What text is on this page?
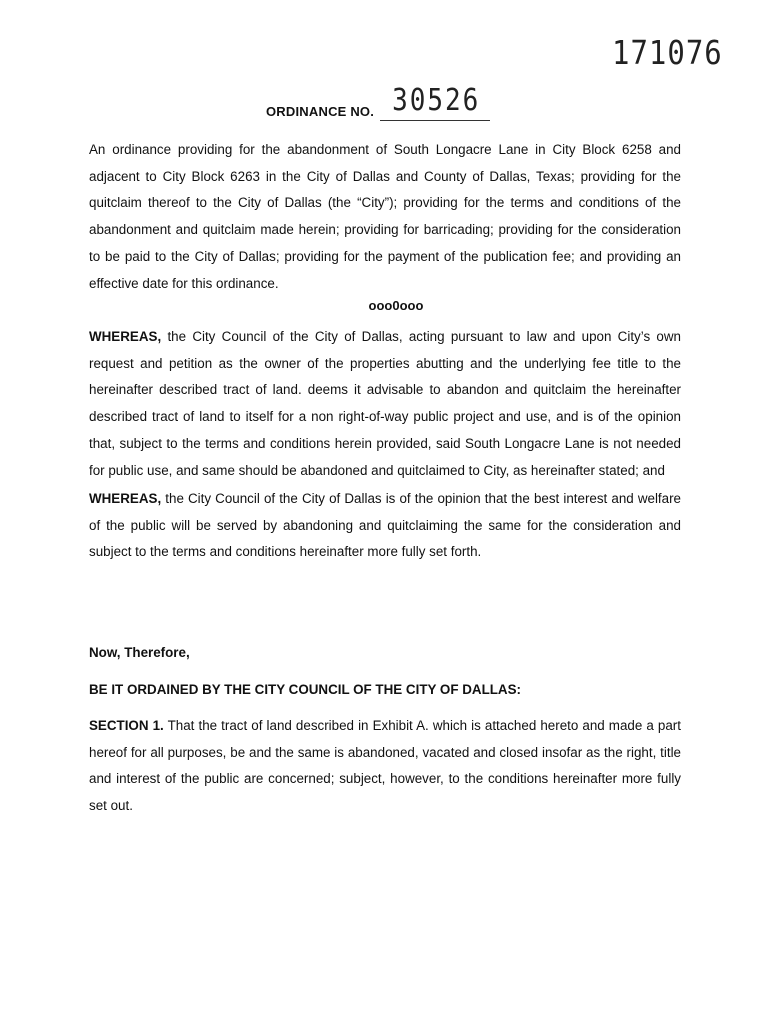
171076
ORDINANCE NO. 30526

An ordinance providing for the abandonment of South Longacre Lane in City Block 6258 and adjacent to City Block 6263 in the City of Dallas and County of Dallas, Texas; providing for the quitclaim thereof to the City of Dallas (the “City”); providing for the terms and conditions of the abandonment and quitclaim made herein; providing for barricading; providing for the consideration to be paid to the City of Dallas; providing for the payment of the publication fee; and providing an effective date for this ordinance.

ooo0ooo

WHEREAS, the City Council of the City of Dallas, acting pursuant to law and upon City’s own request and petition as the owner of the properties abutting and the underlying fee title to the hereinafter described tract of land. deems it advisable to abandon and quitclaim the hereinafter described tract of land to itself for a non right-of-way public project and use, and is of the opinion that, subject to the terms and conditions herein provided, said South Longacre Lane is not needed for public use, and same should be abandoned and quitclaimed to City, as hereinafter stated; and

WHEREAS, the City Council of the City of Dallas is of the opinion that the best interest and welfare of the public will be served by abandoning and quitclaiming the same for the consideration and subject to the terms and conditions hereinafter more fully set forth.

Now, Therefore,

BE IT ORDAINED BY THE CITY COUNCIL OF THE CITY OF DALLAS:

SECTION 1. That the tract of land described in Exhibit A. which is attached hereto and made a part hereof for all purposes, be and the same is abandoned, vacated and closed insofar as the right, title and interest of the public are concerned; subject, however, to the conditions hereinafter more fully set out.
